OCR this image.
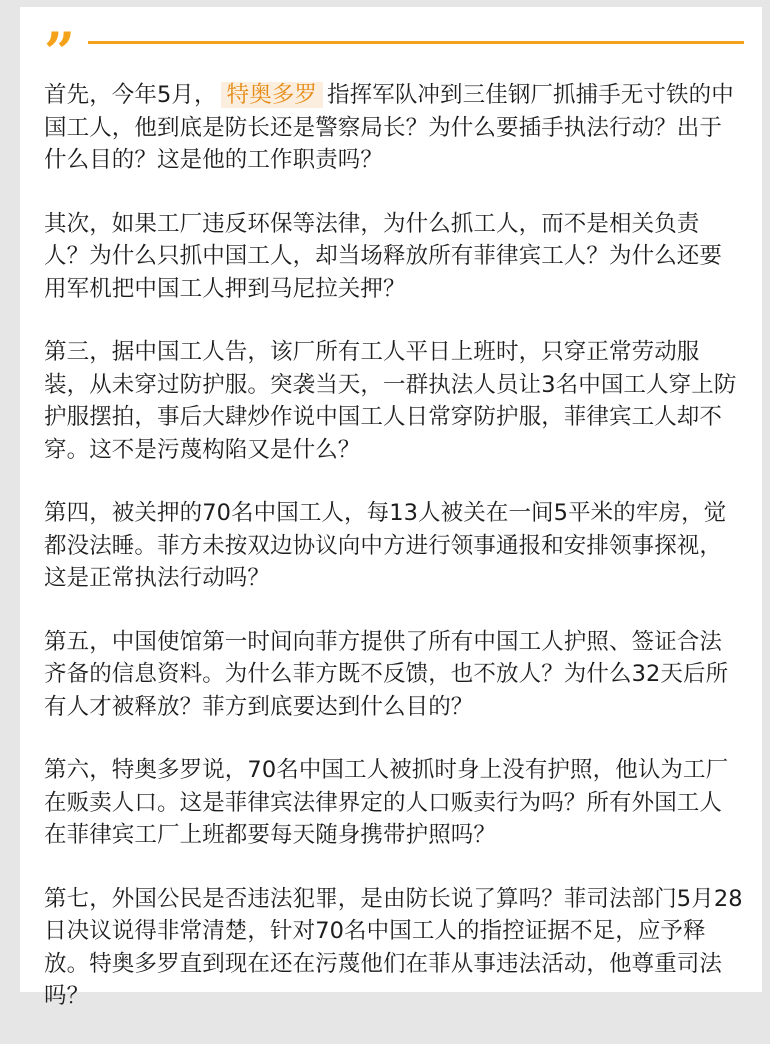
”

首先，今年5月， 特奥多罗 指挥军队冲到三佳钢厂抓捕手无寸铁的中国工人，他到底是防长还是警察局长？为什么要插手执法行动？出于什么目的？这是他的工作职责吗？

其次，如果工厂违反环保等法律，为什么抓工人，而不是相关负责人？为什么只抓中国工人，却当场释放所有菲律宾工人？为什么还要用军机把中国工人押到马尼拉关押？

第三，据中国工人告，该厂所有工人平日上班时，只穿正常劳动服装，从未穿过防护服。突袭当天，一群执法人员让3名中国工人穿上防护服摆拍，事后大肆炒作说中国工人日常穿防护服，菲律宾工人却不穿。这不是污蔑构陷又是什么？

第四，被关押的70名中国工人，每13人被关在一间5平米的牢房，觉都没法睡。菲方未按双边协议向中方进行领事通报和安排领事探视，这是正常执法行动吗？

第五，中国使馆第一时间向菲方提供了所有中国工人护照、签证合法齐备的信息资料。为什么菲方既不反馈，也不放人？为什么32天后所有人才被释放？菲方到底要达到什么目的？

第六，特奥多罗说，70名中国工人被抓时身上没有护照，他认为工厂在贩卖人口。这是菲律宾法律界定的人口贩卖行为吗？所有外国工人在菲律宾工厂上班都要每天随身携带护照吗？

第七，外国公民是否违法犯罪，是由防长说了算吗？菲司法部门5月28日决议说得非常清楚，针对70名中国工人的指控证据不足，应予释放。特奥多罗直到现在还在污蔑他们在菲从事违法活动，他尊重司法吗？
